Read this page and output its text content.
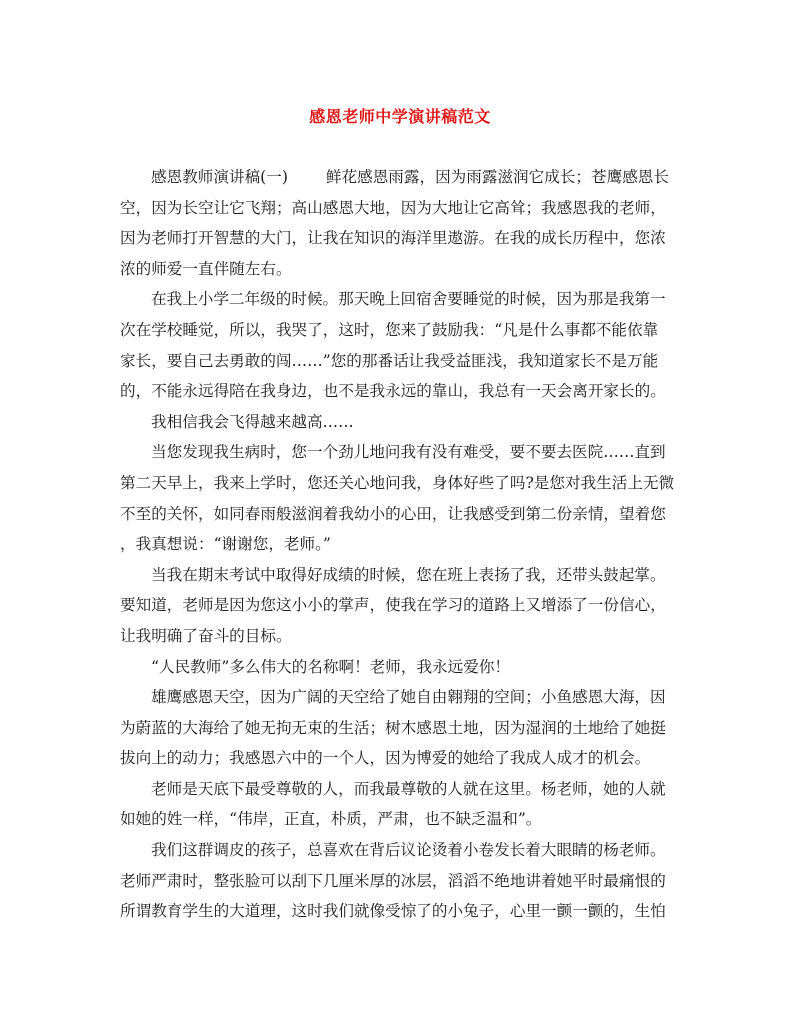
感恩老师中学演讲稿范文
感恩教师演讲稿(一) 鲜花感恩雨露，因为雨露滋润它成长；苍鹰感恩长
空，因为长空让它飞翔；高山感恩大地，因为大地让它高耸；我感恩我的老师，
因为老师打开智慧的大门，让我在知识的海洋里遨游。在我的成长历程中，您浓
浓的师爱一直伴随左右。
在我上小学二年级的时候。那天晚上回宿舍要睡觉的时候，因为那是我第一
次在学校睡觉，所以，我哭了，这时，您来了鼓励我：“凡是什么事都不能依靠
家长，要自己去勇敢的闯……”您的那番话让我受益匪浅，我知道家长不是万能
的，不能永远得陪在我身边，也不是我永远的靠山，我总有一天会离开家长的。
我相信我会飞得越来越高……
当您发现我生病时，您一个劲儿地问我有没有难受，要不要去医院……直到
第二天早上，我来上学时，您还关心地问我，身体好些了吗?是您对我生活上无微
不至的关怀，如同春雨般滋润着我幼小的心田，让我感受到第二份亲情，望着您
，我真想说：“谢谢您，老师。”
当我在期末考试中取得好成绩的时候，您在班上表扬了我，还带头鼓起掌。
要知道，老师是因为您这小小的掌声，使我在学习的道路上又增添了一份信心，
让我明确了奋斗的目标。
“人民教师”多么伟大的名称啊！老师，我永远爱你！
雄鹰感恩天空，因为广阔的天空给了她自由翱翔的空间；小鱼感恩大海，因
为蔚蓝的大海给了她无拘无束的生活；树木感恩土地，因为湿润的土地给了她挺
拔向上的动力；我感恩六中的一个人，因为博爱的她给了我成人成才的机会。
老师是天底下最受尊敬的人，而我最尊敬的人就在这里。杨老师，她的人就
如她的姓一样，“伟岸，正直，朴质，严肃，也不缺乏温和”。
我们这群调皮的孩子，总喜欢在背后议论烫着小卷发长着大眼睛的杨老师。
老师严肃时，整张脸可以刮下几厘米厚的冰层，滔滔不绝地讲着她平时最痛恨的
所谓教育学生的大道理，这时我们就像受惊了的小兔子，心里一颤一颤的，生怕
